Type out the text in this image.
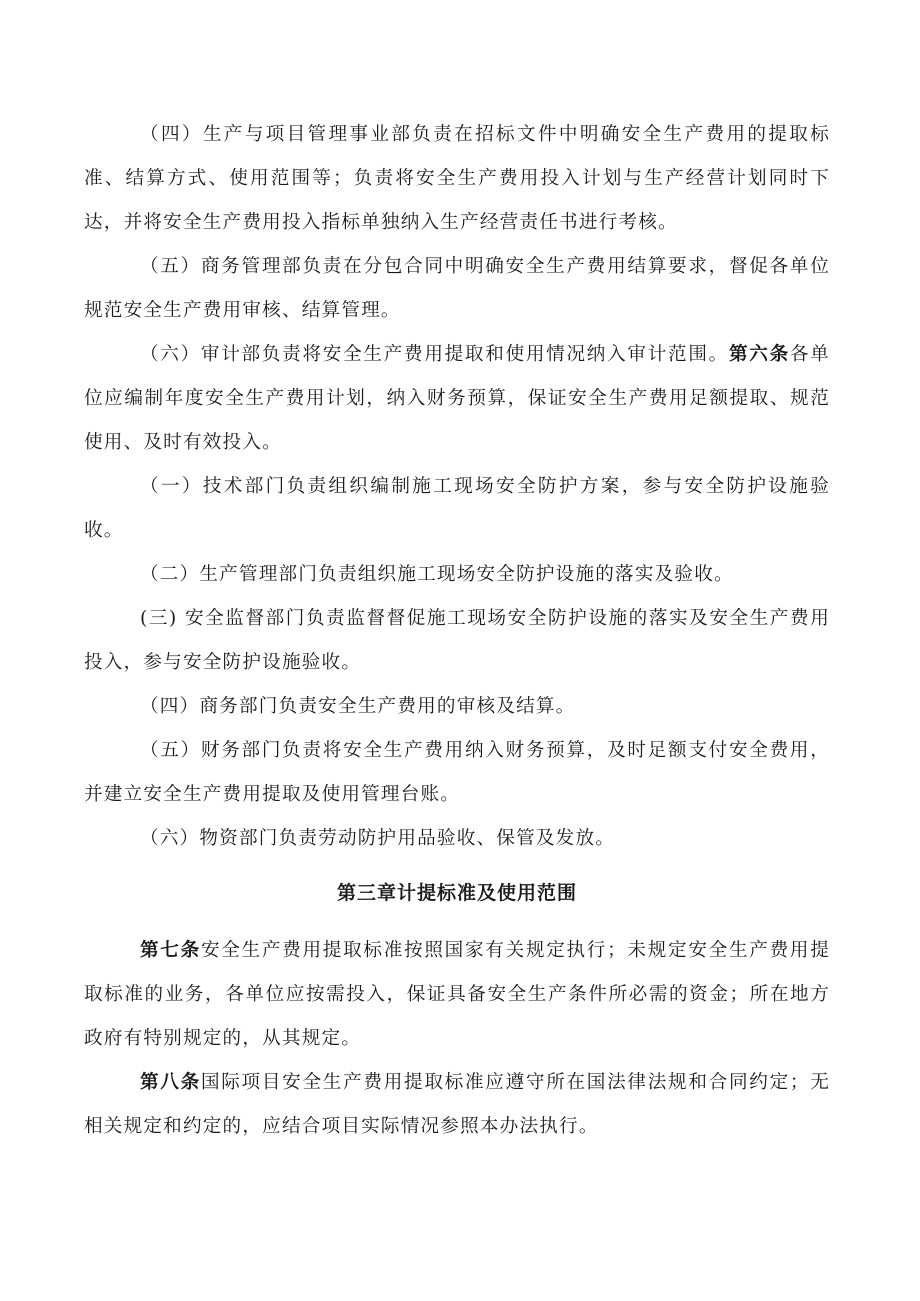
（四）生产与项目管理事业部负责在招标文件中明确安全生产费用的提取标准、结算方式、使用范围等；负责将安全生产费用投入计划与生产经营计划同时下达，并将安全生产费用投入指标单独纳入生产经营责任书进行考核。

（五）商务管理部负责在分包合同中明确安全生产费用结算要求，督促各单位规范安全生产费用审核、结算管理。

（六）审计部负责将安全生产费用提取和使用情况纳入审计范围。第六条各单位应编制年度安全生产费用计划，纳入财务预算，保证安全生产费用足额提取、规范使用、及时有效投入。

（一）技术部门负责组织编制施工现场安全防护方案，参与安全防护设施验收。

（二）生产管理部门负责组织施工现场安全防护设施的落实及验收。

(三) 安全监督部门负责监督督促施工现场安全防护设施的落实及安全生产费用投入，参与安全防护设施验收。

（四）商务部门负责安全生产费用的审核及结算。

（五）财务部门负责将安全生产费用纳入财务预算，及时足额支付安全费用，并建立安全生产费用提取及使用管理台账。

（六）物资部门负责劳动防护用品验收、保管及发放。

第三章计提标准及使用范围

第七条安全生产费用提取标准按照国家有关规定执行；未规定安全生产费用提取标准的业务，各单位应按需投入，保证具备安全生产条件所必需的资金；所在地方政府有特别规定的，从其规定。

第八条国际项目安全生产费用提取标准应遵守所在国法律法规和合同约定；无相关规定和约定的，应结合项目实际情况参照本办法执行。
